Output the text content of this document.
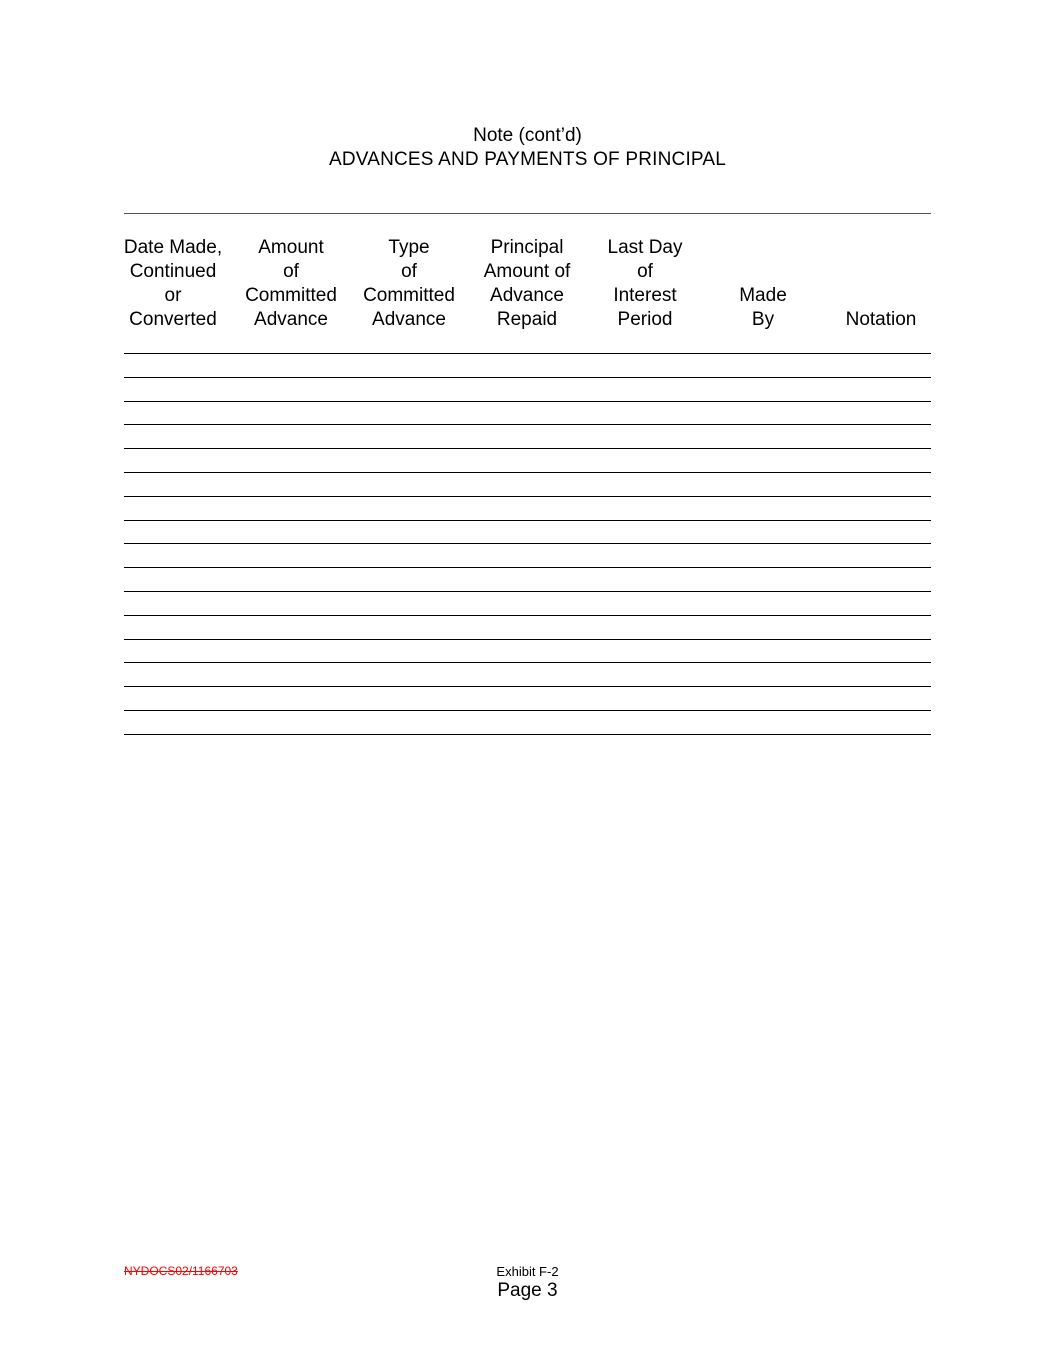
Note (cont’d)
ADVANCES AND PAYMENTS OF PRINCIPAL
Date Made,
Continued
or
Converted
Amount
of
Committed
Advance
Type
of
Committed
Advance
Principal
Amount of
Advance
Repaid
Last Day
of
Interest
Period
Made
By	Notation
NYDOCS02/1166703	Exhibit F-2
Page 3
